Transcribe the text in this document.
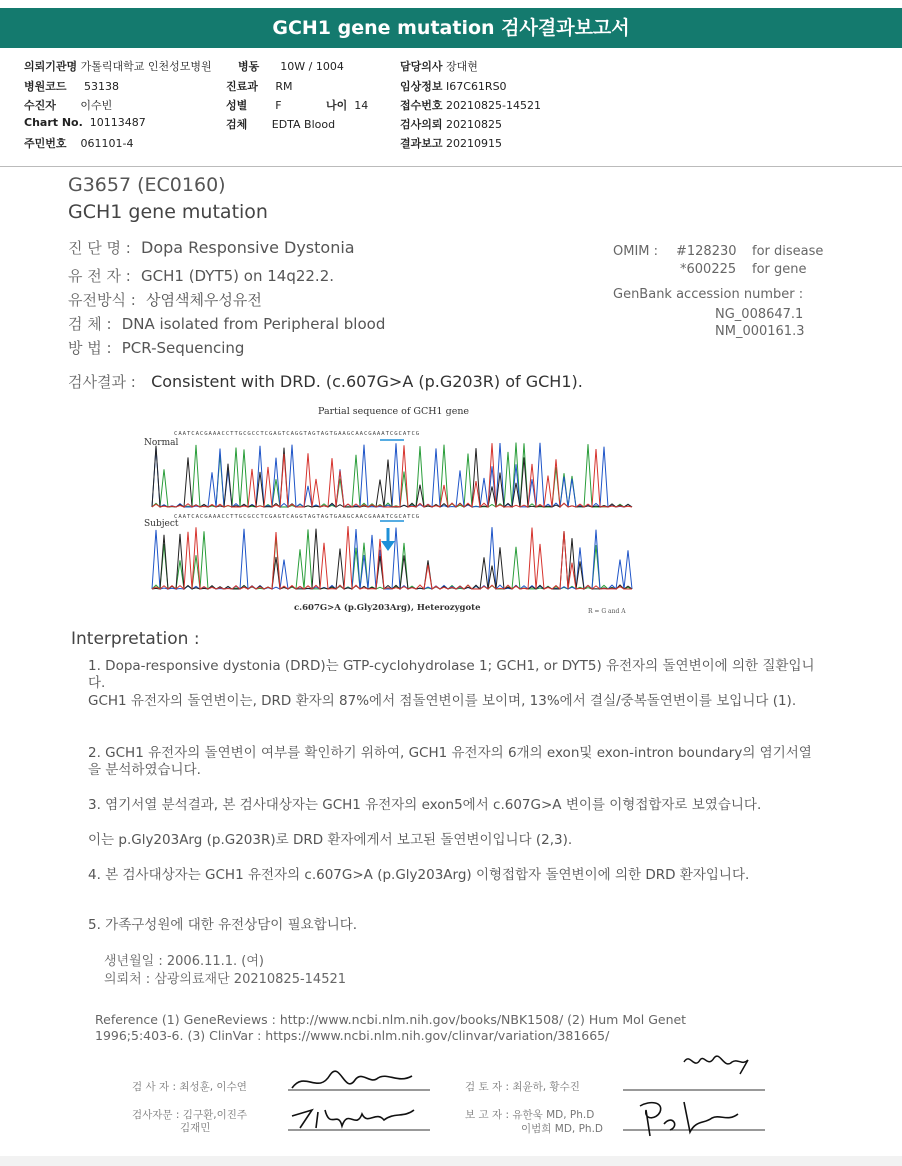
GCH1 gene mutation 검사결과보고서
의뢰기관명 가톨릭대학교 인천성모병원
병원코드 53138
수진자 이수빈
Chart No. 10113487
주민번호 061101-4
병동 10W / 1004
진료과 RM
성별	F	나이 14
검체 EDTA Blood
담당의사 장대현
임상정보 I67C61RS0
접수번호 20210825-14521
검사의뢰 20210825
결과보고 20210915
G3657 (EC0160)
GCH1 gene mutation
진 단 명 : Dopa Responsive Dystonia
유 전 자 : GCH1 (DYT5) on 14q22.2.
유전방식 : 상염색체우성유전
검 체 : DNA isolated from Peripheral blood
방 법 : PCR-Sequencing
OMIM : #128230 for disease
*600225 for gene
GenBank accession number :
NG_008647.1
NM_000161.3
검사결과 : Consistent with DRD. (c.607G>A (p.G203R) of GCH1).
Partial sequence of GCH1 gene
Normal
CAATCACGAAACCTTGCGCCTCGAGTCAGGTAGTAGTGAAGCAACGAAATCGCATCG
Subject
CAATCACGAAACCTTGCGCCTCGAGTCAGGTAGTAGTGAAGCAACGAAATCGCATCG
c.607G>A (p.Gly203Arg), Heterozygote	R = G and A
Interpretation :
1. Dopa-responsive dystonia (DRD)는 GTP-cyclohydrolase 1; GCH1, or DYT5) 유전자의 돌연변이에 의한 질환입니다.
GCH1 유전자의 돌연변이는, DRD 환자의 87%에서 점돌연변이를 보이며, 13%에서 결실/중복돌연변이를 보입니다 (1).
2. GCH1 유전자의 돌연변이 여부를 확인하기 위하여, GCH1 유전자의 6개의 exon및 exon-intron boundary의 염기서열을 분석하였습니다.
3. 염기서열 분석결과, 본 검사대상자는 GCH1 유전자의 exon5에서 c.607G>A 변이를 이형접합자로 보였습니다.
이는 p.Gly203Arg (p.G203R)로 DRD 환자에게서 보고된 돌연변이입니다 (2,3).
4. 본 검사대상자는 GCH1 유전자의 c.607G>A (p.Gly203Arg) 이형접합자 돌연변이에 의한 DRD 환자입니다.
5. 가족구성원에 대한 유전상담이 필요합니다.
생년월일 : 2006.11.1. (여)
의뢰처 : 삼광의료재단 20210825-14521
Reference (1) GeneReviews : http://www.ncbi.nlm.nih.gov/books/NBK1508/ (2) Hum Mol Genet 1996;5:403-6. (3) ClinVar : https://www.ncbi.nlm.nih.gov/clinvar/variation/381665/
검 사 자 : 최성훈, 이수연
검사자문 : 김구환,이진주
김재민
검 토 자 : 최윤하, 황수진
보 고 자 : 유한욱 MD, Ph.D
이범희 MD, Ph.D
